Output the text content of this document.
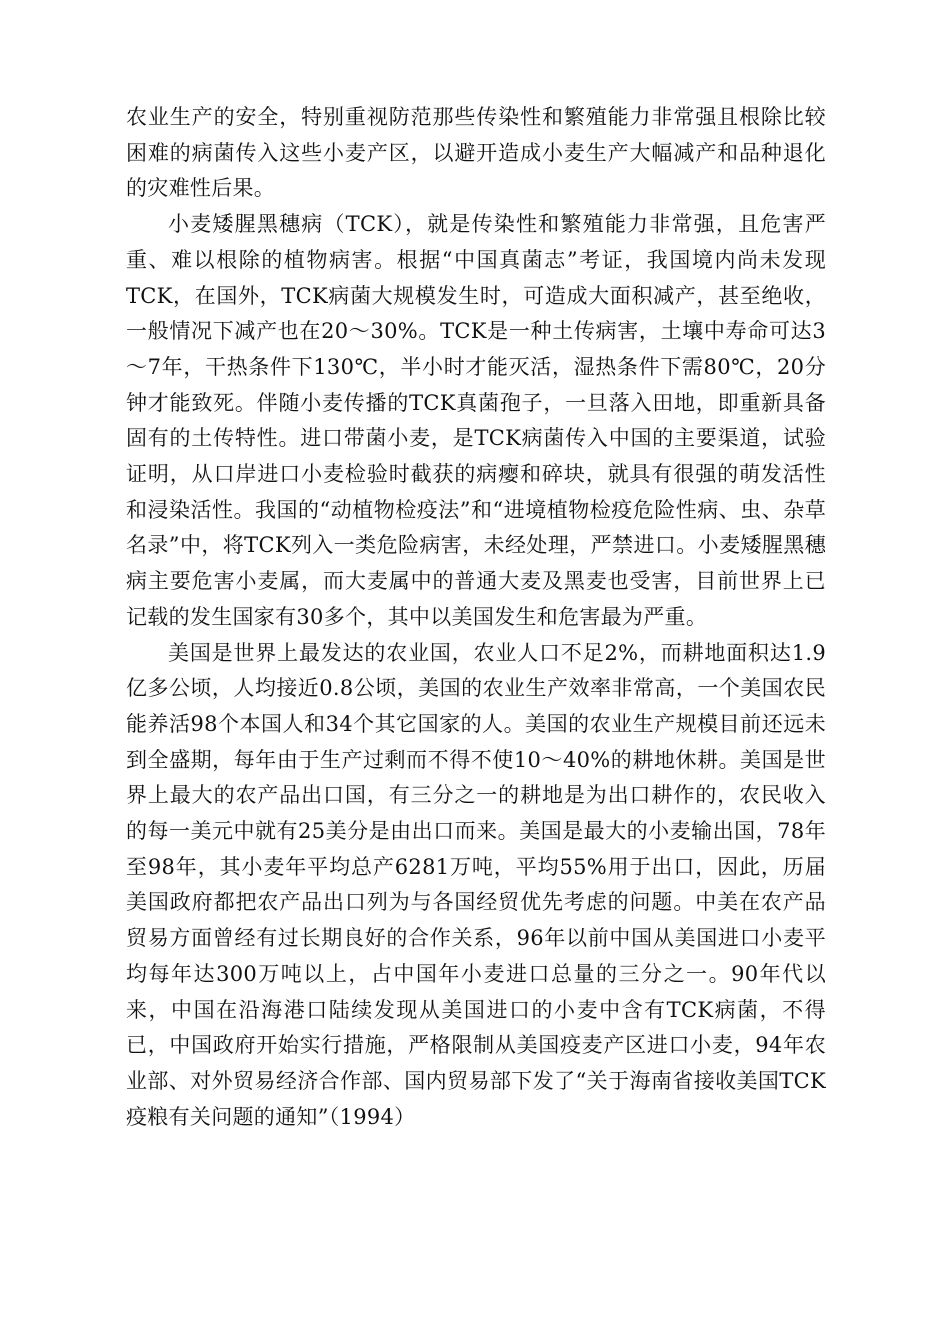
农业生产的安全，特别重视防范那些传染性和繁殖能力非常强且根除比较困难的病菌传入这些小麦产区，以避开造成小麦生产大幅减产和品种退化的灾难性后果。

小麦矮腥黑穗病（TCK），就是传染性和繁殖能力非常强，且危害严重、难以根除的植物病害。根据“中国真菌志”考证，我国境内尚未发现TCK，在国外，TCK病菌大规模发生时，可造成大面积减产，甚至绝收，一般情况下减产也在20～30%。TCK是一种土传病害，土壤中寿命可达3～7年，干热条件下130℃，半小时才能灭活，湿热条件下需80℃，20分钟才能致死。伴随小麦传播的TCK真菌孢子，一旦落入田地，即重新具备固有的土传特性。进口带菌小麦，是TCK病菌传入中国的主要渠道，试验证明，从口岸进口小麦检验时截获的病瘿和碎块，就具有很强的萌发活性和浸染活性。我国的“动植物检疫法”和“进境植物检疫危险性病、虫、杂草名录”中，将TCK列入一类危险病害，未经处理，严禁进口。小麦矮腥黑穗病主要危害小麦属，而大麦属中的普通大麦及黑麦也受害，目前世界上已记载的发生国家有30多个，其中以美国发生和危害最为严重。

美国是世界上最发达的农业国，农业人口不足2%，而耕地面积达1.9亿多公顷，人均接近0.8公顷，美国的农业生产效率非常高，一个美国农民能养活98个本国人和34个其它国家的人。美国的农业生产规模目前还远未到全盛期，每年由于生产过剩而不得不使10～40%的耕地休耕。美国是世界上最大的农产品出口国，有三分之一的耕地是为出口耕作的，农民收入的每一美元中就有25美分是由出口而来。美国是最大的小麦输出国，78年至98年，其小麦年平均总产6281万吨，平均55%用于出口，因此，历届美国政府都把农产品出口列为与各国经贸优先考虑的问题。中美在农产品贸易方面曾经有过长期良好的合作关系，96年以前中国从美国进口小麦平均每年达300万吨以上，占中国年小麦进口总量的三分之一。90年代以来，中国在沿海港口陆续发现从美国进口的小麦中含有TCK病菌，不得已，中国政府开始实行措施，严格限制从美国疫麦产区进口小麦，94年农业部、对外贸易经济合作部、国内贸易部下发了“关于海南省接收美国TCK疫粮有关问题的通知”（1994）
